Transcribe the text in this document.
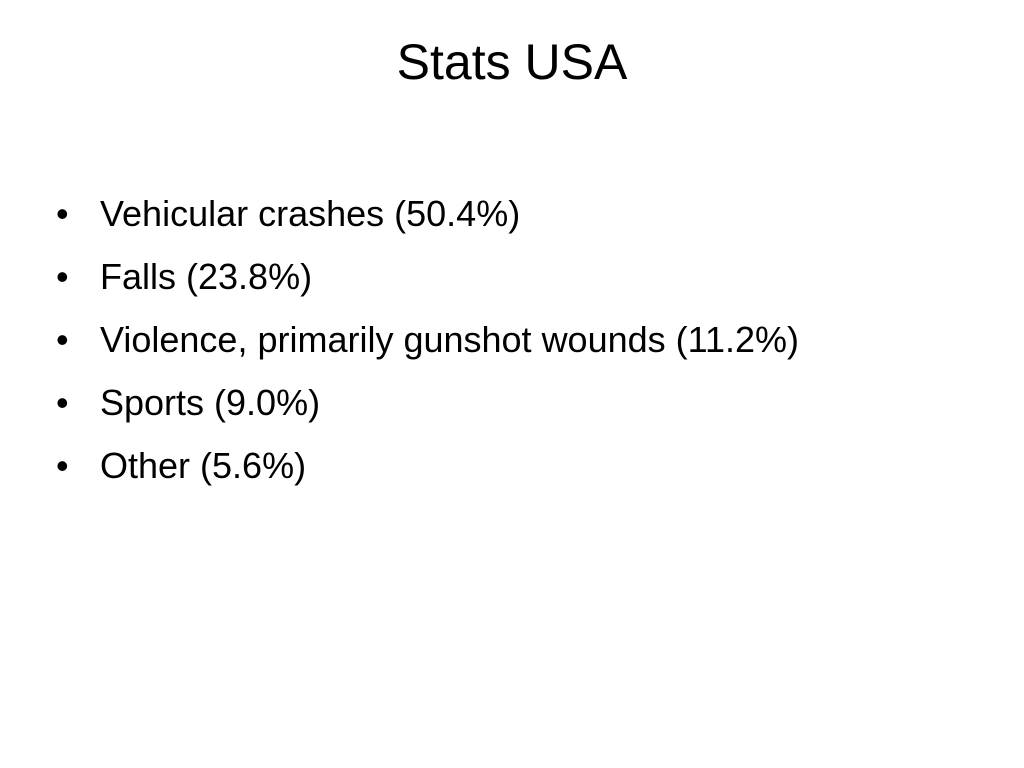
Stats USA
• Vehicular crashes (50.4%)
• Falls (23.8%)
• Violence, primarily gunshot wounds (11.2%)
• Sports (9.0%)
• Other (5.6%)
